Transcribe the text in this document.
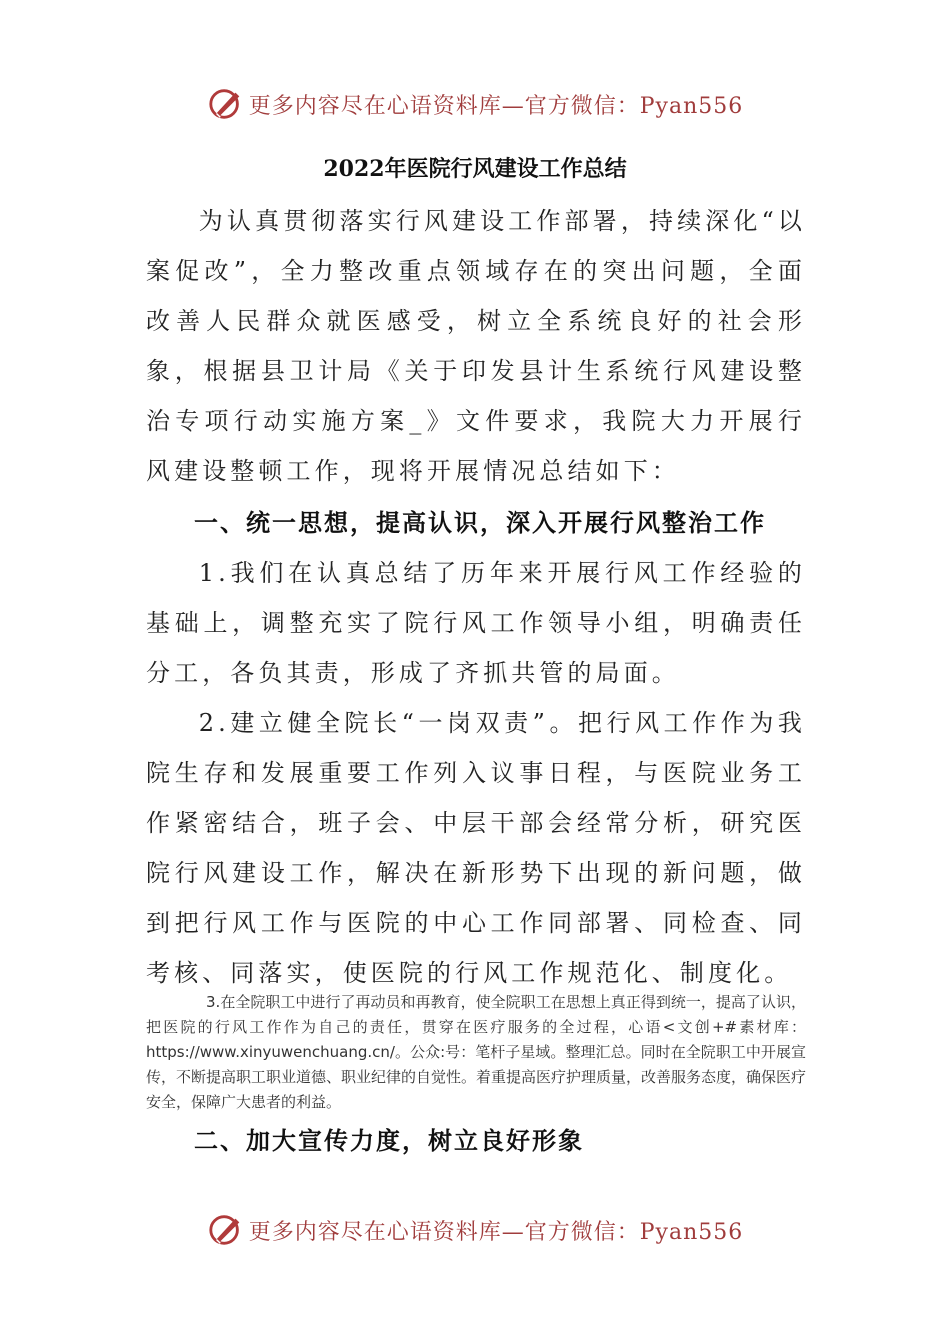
更多内容尽在心语资料库—官方微信：Pyan556
2022年医院行风建设工作总结

为认真贯彻落实行风建设工作部署，持续深化“以案促改”，全力整改重点领域存在的突出问题，全面改善人民群众就医感受，树立全系统良好的社会形象，根据县卫计局《关于印发县计生系统行风建设整治专项行动实施方案_》文件要求，我院大力开展行风建设整顿工作，现将开展情况总结如下：

一、统一思想，提高认识，深入开展行风整治工作

1.我们在认真总结了历年来开展行风工作经验的基础上，调整充实了院行风工作领导小组，明确责任分工，各负其责，形成了齐抓共管的局面。

2.建立健全院长“一岗双责”。把行风工作作为我院生存和发展重要工作列入议事日程，与医院业务工作紧密结合，班子会、中层干部会经常分析，研究医院行风建设工作，解决在新形势下出现的新问题，做到把行风工作与医院的中心工作同部署、同检查、同考核、同落实，使医院的行风工作规范化、制度化。

3.在全院职工中进行了再动员和再教育，使全院职工在思想上真正得到统一，提高了认识，把医院的行风工作作为自己的责任，贯穿在医疗服务的全过程，心语<文创+#素材库：https://www.xinyuwenchuang.cn/。公众:号：笔杆子星域。整理汇总。同时在全院职工中开展宣传，不断提高职工职业道德、职业纪律的自觉性。着重提高医疗护理质量，改善服务态度，确保医疗安全，保障广大患者的利益。

二、加大宣传力度，树立良好形象

更多内容尽在心语资料库—官方微信：Pyan556
